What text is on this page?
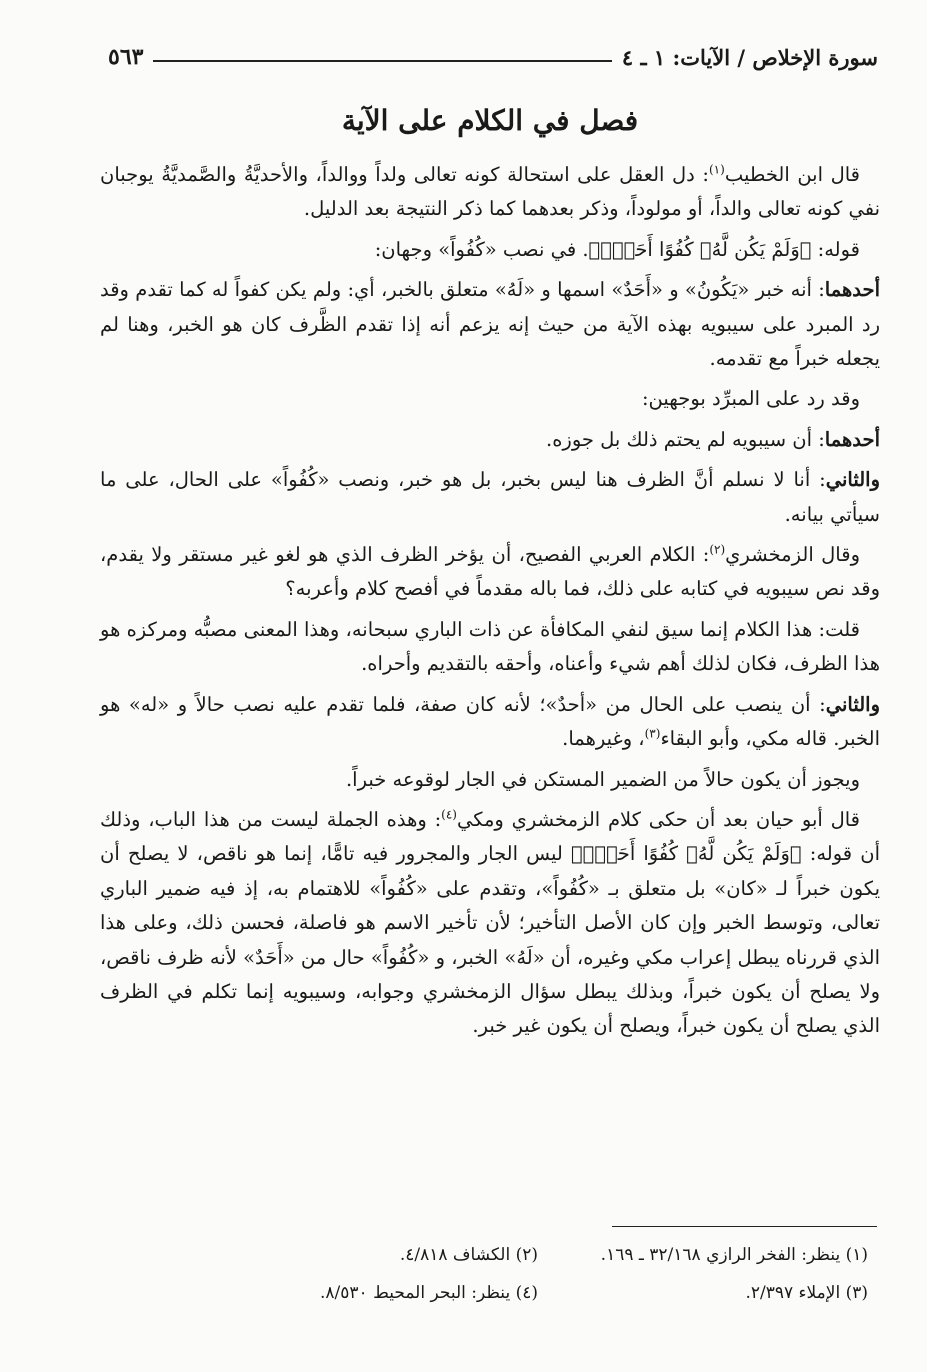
سورة الإخلاص / الآيات: ١ ـ ٤
٥٦٣
فصل في الكلام على الآية

قال ابن الخطيب$^{(١)}$: دل العقل على استحالة كونه تعالى ولداً ووالداً، والأحديَّةُ والصَّمديَّةُ يوجبان نفي كونه تعالى والداً، أو مولوداً، وذكر بعدهما كما ذكر النتيجة بعد الدليل.

قوله: ﴿وَلَمْ يَكُن لَّهُۥ كُفُوًا أَحَدٌۢ﴾. في نصب «كُفُواً» وجهان:

أحدهما: أنه خبر «يَكُونُ» و «أَحَدٌ» اسمها و «لَهُ» متعلق بالخبر، أي: ولم يكن كفواً له كما تقدم وقد رد المبرد على سيبويه بهذه الآية من حيث إنه يزعم أنه إذا تقدم الظَّرف كان هو الخبر، وهنا لم يجعله خبراً مع تقدمه.

وقد رد على المبرِّد بوجهين:

أحدهما: أن سيبويه لم يحتم ذلك بل جوزه.

والثاني: أنا لا نسلم أنَّ الظرف هنا ليس بخبر، بل هو خبر، ونصب «كُفُواً» على الحال، على ما سيأتي بيانه.

وقال الزمخشري$^{(٢)}$: الكلام العربي الفصيح، أن يؤخر الظرف الذي هو لغو غير مستقر ولا يقدم، وقد نص سيبويه في كتابه على ذلك، فما باله مقدماً في أفصح كلام وأعربه؟

قلت: هذا الكلام إنما سيق لنفي المكافأة عن ذات الباري سبحانه، وهذا المعنى مصبُّه ومركزه هو هذا الظرف، فكان لذلك أهم شيء وأعناه، وأحقه بالتقديم وأحراه.

والثاني: أن ينصب على الحال من «أحدٌ»؛ لأنه كان صفة، فلما تقدم عليه نصب حالاً و «له» هو الخبر. قاله مكي، وأبو البقاء$^{(٣)}$، وغيرهما.

ويجوز أن يكون حالاً من الضمير المستكن في الجار لوقوعه خبراً.

قال أبو حيان بعد أن حكى كلام الزمخشري ومكي$^{(٤)}$: وهذه الجملة ليست من هذا الباب، وذلك أن قوله: ﴿وَلَمْ يَكُن لَّهُۥ كُفُوًا أَحَدٌۢ﴾ ليس الجار والمجرور فيه تامًّا، إنما هو ناقص، لا يصلح أن يكون خبراً لـ «كان» بل متعلق بـ «كُفُواً»، وتقدم على «كُفُواً» للاهتمام به، إذ فيه ضمير الباري تعالى، وتوسط الخبر وإن كان الأصل التأخير؛ لأن تأخير الاسم هو فاصلة، فحسن ذلك، وعلى هذا الذي قررناه يبطل إعراب مكي وغيره، أن «لَهُ» الخبر، و «كُفُواً» حال من «أَحَدٌ» لأنه ظرف ناقص، ولا يصلح أن يكون خبراً، وبذلك يبطل سؤال الزمخشري وجوابه، وسيبويه إنما تكلم في الظرف الذي يصلح أن يكون خبراً، ويصلح أن يكون غير خبر.

(١) ينظر: الفخر الرازي ٣٢/١٦٨ ـ ١٦٩.
(٢) الكشاف ٤/٨١٨.
(٣) الإملاء ٢/٣٩٧.
(٤) ينظر: البحر المحيط ٨/٥٣٠.
